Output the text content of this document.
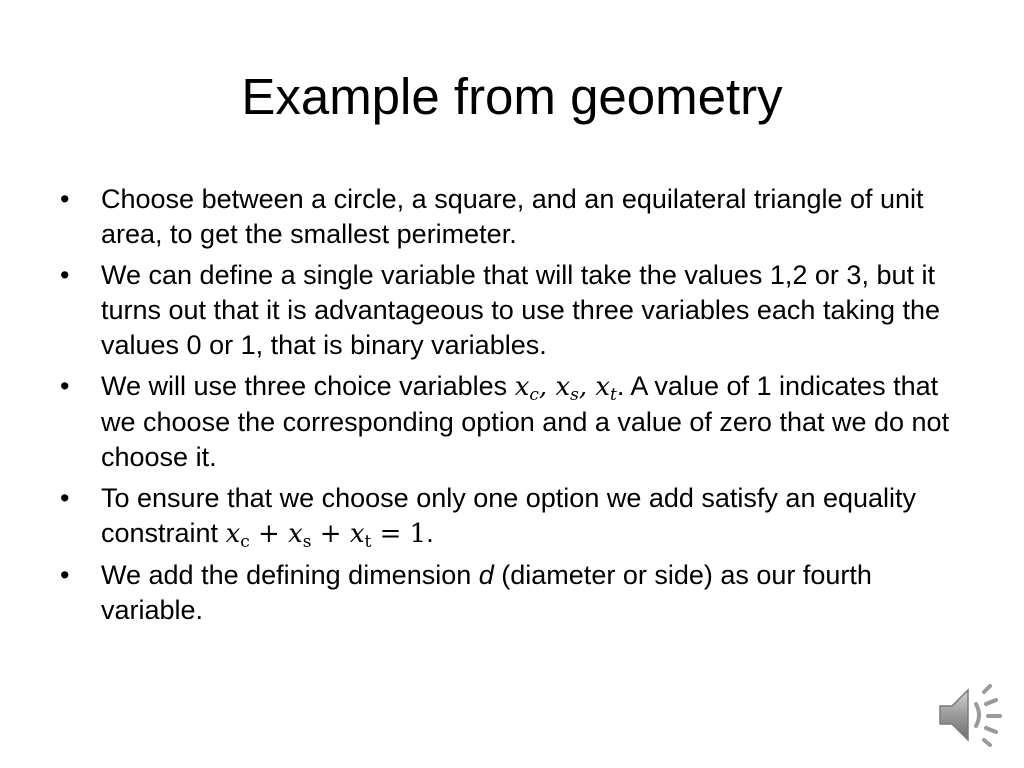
Example from geometry
• Choose between a circle, a square, and an equilateral triangle of unit area, to get the smallest perimeter.
• We can define a single variable that will take the values 1,2 or 3, but it turns out that it is advantageous to use three variables each taking the values 0 or 1, that is binary variables.
• We will use three choice variables $x_c$, $x_s$, $x_t$. A value of 1 indicates that we choose the corresponding option and a value of zero that we do not choose it.
• To ensure that we choose only one option we add satisfy an equality constraint $x_c + x_s + x_t = 1$.
• We add the defining dimension d (diameter or side) as our fourth variable.
